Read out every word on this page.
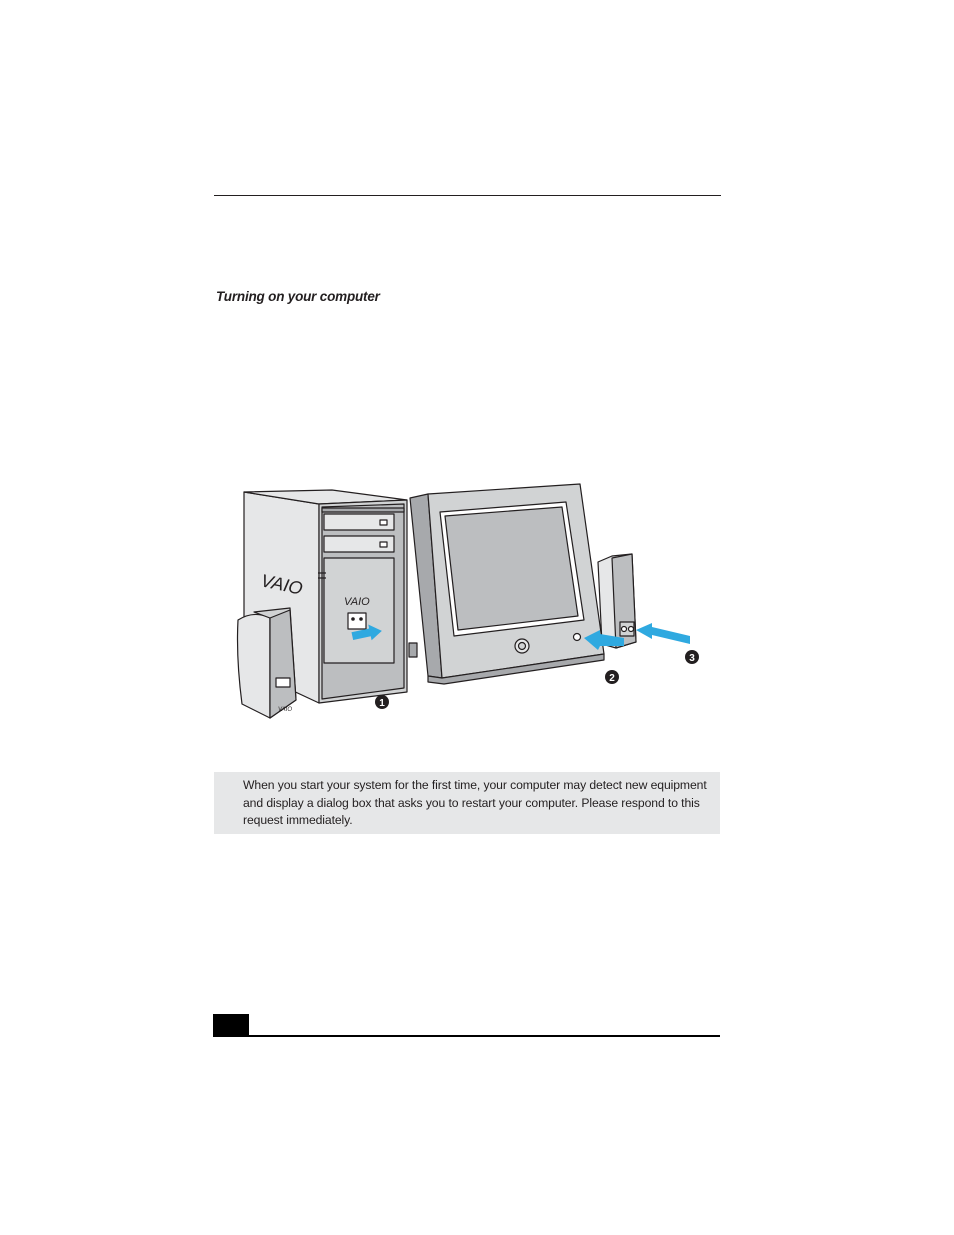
Turning on your computer
VAIO
VAIO
VAIO
1
2
3

When you start your system for the first time, your computer may detect new equipment and display a dialog box that asks you to restart your computer. Please respond to this request immediately.
